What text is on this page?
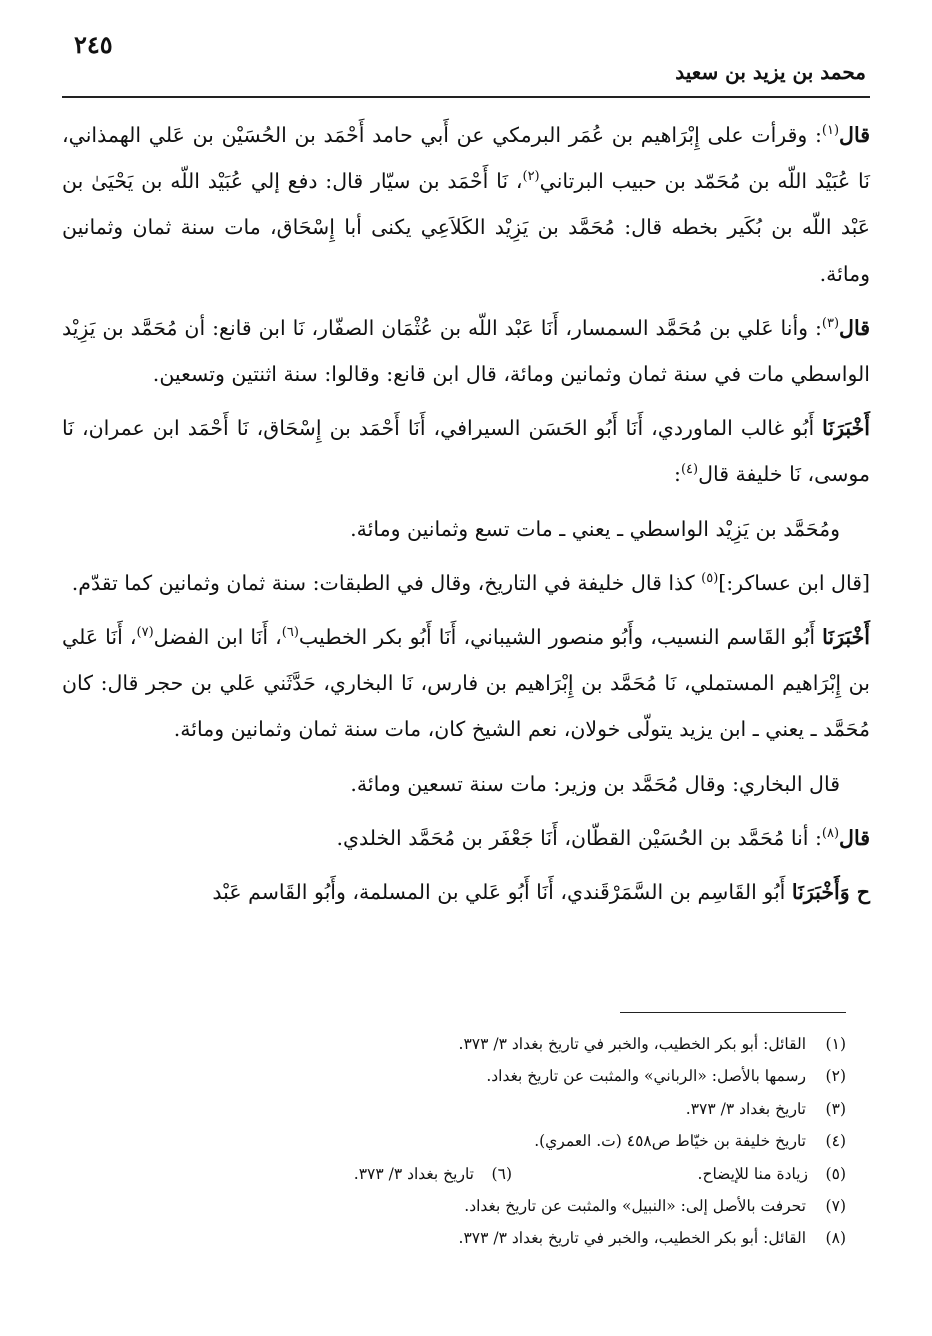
٢٤٥
محمد بن يزيد بن سعيد

قال$^{(١)}$: وقرأت على إِبْرَاهيم بن عُمَر البرمكي عن أَبي حامد أَحْمَد بن الحُسَيْن بن عَلي الهمذاني، نَا عُبَيْد اللّه بن مُحَمّد بن حبيب البرتاني$^{(٢)}$، نَا أَحْمَد بن سيّار قال: دفع إلي عُبَيْد اللّه بن يَحْيَىٰ بن عَبْد اللّه بن بُكَير بخطه قال: مُحَمَّد بن يَزِيْد الكَلاَعِي يكنى أبا إِسْحَاق، مات سنة ثمان وثمانين ومائة.

قال$^{(٣)}$: وأنا عَلي بن مُحَمَّد السمسار، أَنَا عَبْد اللّه بن عُثْمَان الصفّار، نَا ابن قانع: أن مُحَمَّد بن يَزِيْد الواسطي مات في سنة ثمان وثمانين ومائة، قال ابن قانع: وقالوا: سنة اثنتين وتسعين.

أَخْبَرَنَا أَبُو غالب الماوردي، أَنَا أَبُو الحَسَن السيرافي، أَنَا أَحْمَد بن إِسْحَاق، نَا أَحْمَد ابن عمران، نَا موسى، نَا خليفة قال$^{(٤)}$:

ومُحَمَّد بن يَزِيْد الواسطي ـ يعني ـ مات تسع وثمانين ومائة.

[قال ابن عساكر:]$^{(٥)}$ كذا قال خليفة في التاريخ، وقال في الطبقات: سنة ثمان وثمانين كما تقدّم.

أَخْبَرَنَا أَبُو القَاسم النسيب، وأَبُو منصور الشيباني، أَنَا أَبُو بكر الخطيب$^{(٦)}$، أَنَا ابن الفضل$^{(٧)}$، أَنَا عَلي بن إِبْرَاهيم المستملي، نَا مُحَمَّد بن إِبْرَاهيم بن فارس، نَا البخاري، حَدَّثَني عَلي بن حجر قال: كان مُحَمَّد ـ يعني ـ ابن يزيد يتولّى خولان، نعم الشيخ كان، مات سنة ثمان وثمانين ومائة.

قال البخاري: وقال مُحَمَّد بن وزير: مات سنة تسعين ومائة.

قال$^{(٨)}$: أنا مُحَمَّد بن الحُسَيْن القطّان، أَنَا جَعْفَر بن مُحَمَّد الخلدي.

ح وَأَخْبَرَنَا أَبُو القَاسِم بن السَّمَرْقَندي، أَنَا أَبُو عَلي بن المسلمة، وأَبُو القَاسم عَبْد

(١)
القائل: أبو بكر الخطيب، والخبر في تاريخ بغداد ٣/ ٣٧٣.
(٢)
رسمها بالأصل: «الرباني» والمثبت عن تاريخ بغداد.
(٣)
تاريخ بغداد ٣/ ٣٧٣.
(٤)
تاريخ خليفة بن خيّاط ص٤٥٨ (ت. العمري).
(٥)
زيادة منا للإيضاح.
(٦)
تاريخ بغداد ٣/ ٣٧٣.
(٧)
تحرفت بالأصل إلى: «النبيل» والمثبت عن تاريخ بغداد.
(٨)
القائل: أبو بكر الخطيب، والخبر في تاريخ بغداد ٣/ ٣٧٣.
